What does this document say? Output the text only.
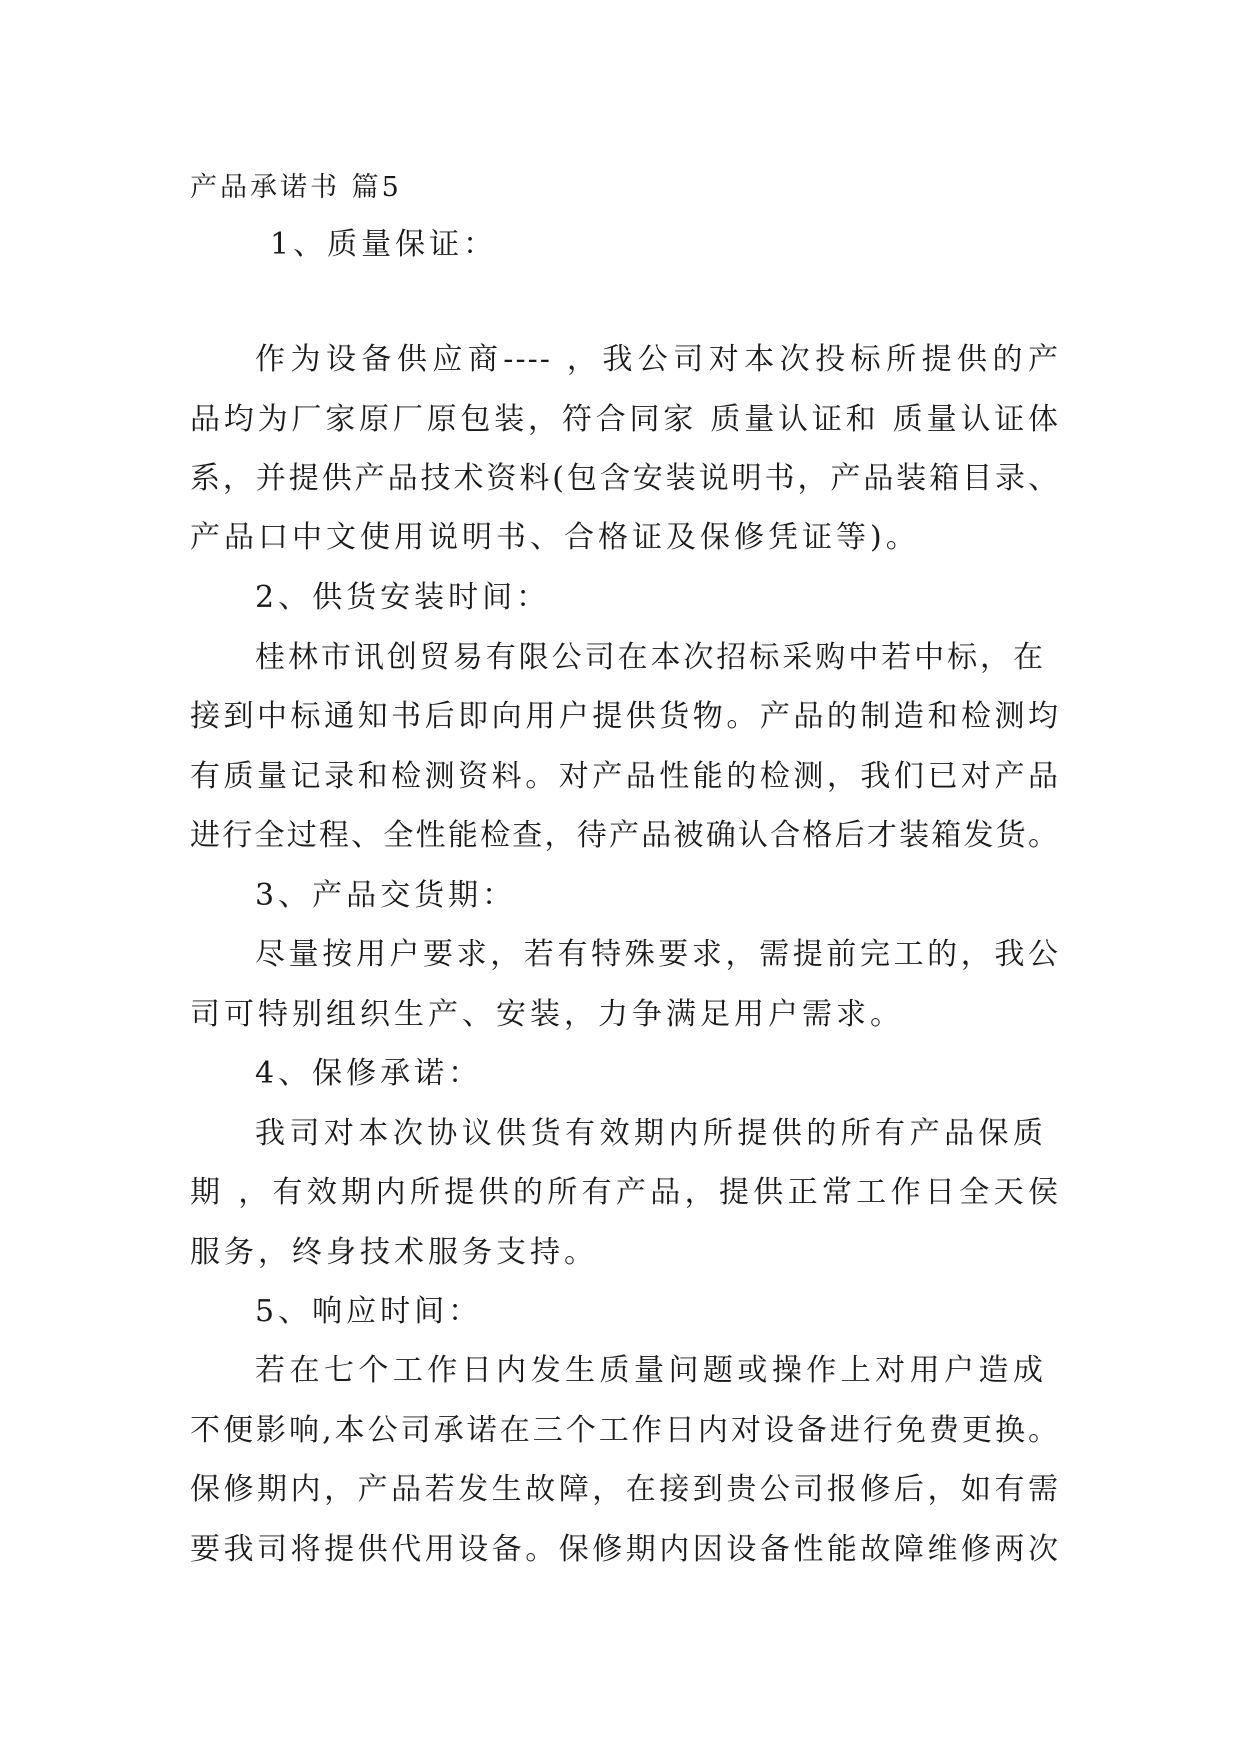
产品承诺书 篇5
1、质量保证：
作为设备供应商---- ，我公司对本次投标所提供的产
品均为厂家原厂原包装，符合同家 质量认证和 质量认证体
系，并提供产品技术资料(包含安装说明书，产品装箱目录、
产品口中文使用说明书、合格证及保修凭证等)。
2、供货安装时间：
桂林市讯创贸易有限公司在本次招标采购中若中标，在
接到中标通知书后即向用户提供货物。产品的制造和检测均
有质量记录和检测资料。对产品性能的检测，我们已对产品
进行全过程、全性能检查，待产品被确认合格后才装箱发货。
3、产品交货期：
尽量按用户要求，若有特殊要求，需提前完工的，我公
司可特别组织生产、安装，力争满足用户需求。
4、保修承诺：
我司对本次协议供货有效期内所提供的所有产品保质
期 ，有效期内所提供的所有产品，提供正常工作日全天侯
服务，终身技术服务支持。
5、响应时间：
若在七个工作日内发生质量问题或操作上对用户造成
不便影响,本公司承诺在三个工作日内对设备进行免费更换。
保修期内，产品若发生故障，在接到贵公司报修后，如有需
要我司将提供代用设备。保修期内因设备性能故障维修两次
